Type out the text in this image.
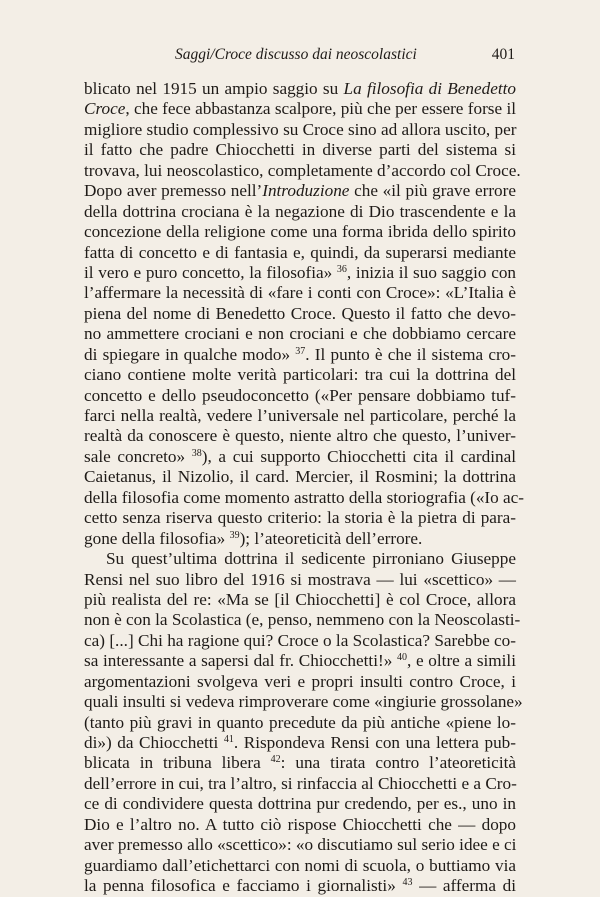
Saggi/Croce discusso dai neoscolastici	401
blicato nel 1915 un ampio saggio su La filosofia di Benedetto
Croce, che fece abbastanza scalpore, più che per essere forse il
migliore studio complessivo su Croce sino ad allora uscito, per
il fatto che padre Chiocchetti in diverse parti del sistema si
trovava, lui neoscolastico, completamente d’accordo col Croce.
Dopo aver premesso nell’Introduzione che «il più grave errore
della dottrina crociana è la negazione di Dio trascendente e la
concezione della religione come una forma ibrida dello spirito
fatta di concetto e di fantasia e, quindi, da superarsi mediante
il vero e puro concetto, la filosofia» $^{36}$, inizia il suo saggio con
l’affermare la necessità di «fare i conti con Croce»: «L’Italia è
piena del nome di Benedetto Croce. Questo il fatto che devo-
no ammettere crociani e non crociani e che dobbiamo cercare
di spiegare in qualche modo» $^{37}$. Il punto è che il sistema cro-
ciano contiene molte verità particolari: tra cui la dottrina del
concetto e dello pseudoconcetto («Per pensare dobbiamo tuf-
farci nella realtà, vedere l’universale nel particolare, perché la
realtà da conoscere è questo, niente altro che questo, l’univer-
sale concreto» $^{38}$), a cui supporto Chiocchetti cita il cardinal
Caietanus, il Nizolio, il card. Mercier, il Rosmini; la dottrina
della filosofia come momento astratto della storiografia («Io ac-
cetto senza riserva questo criterio: la storia è la pietra di para-
gone della filosofia» $^{39}$); l’ateoreticità dell’errore.
Su quest’ultima dottrina il sedicente pirroniano Giuseppe
Rensi nel suo libro del 1916 si mostrava — lui «scettico» —
più realista del re: «Ma se [il Chiocchetti] è col Croce, allora
non è con la Scolastica (e, penso, nemmeno con la Neoscolasti-
ca) [...] Chi ha ragione qui? Croce o la Scolastica? Sarebbe co-
sa interessante a sapersi dal fr. Chiocchetti!» $^{40}$, e oltre a simili
argomentazioni svolgeva veri e propri insulti contro Croce, i
quali insulti si vedeva rimproverare come «ingiurie grossolane»
(tanto più gravi in quanto precedute da più antiche «piene lo-
di») da Chiocchetti $^{41}$. Rispondeva Rensi con una lettera pub-
blicata in tribuna libera $^{42}$: una tirata contro l’ateoreticità
dell’errore in cui, tra l’altro, si rinfaccia al Chiocchetti e a Cro-
ce di condividere questa dottrina pur credendo, per es., uno in
Dio e l’altro no. A tutto ciò rispose Chiocchetti che — dopo
aver premesso allo «scettico»: «o discutiamo sul serio idee e ci
guardiamo dall’etichettarci con nomi di scuola, o buttiamo via
la penna filosofica e facciamo i giornalisti» $^{43}$ — afferma di
